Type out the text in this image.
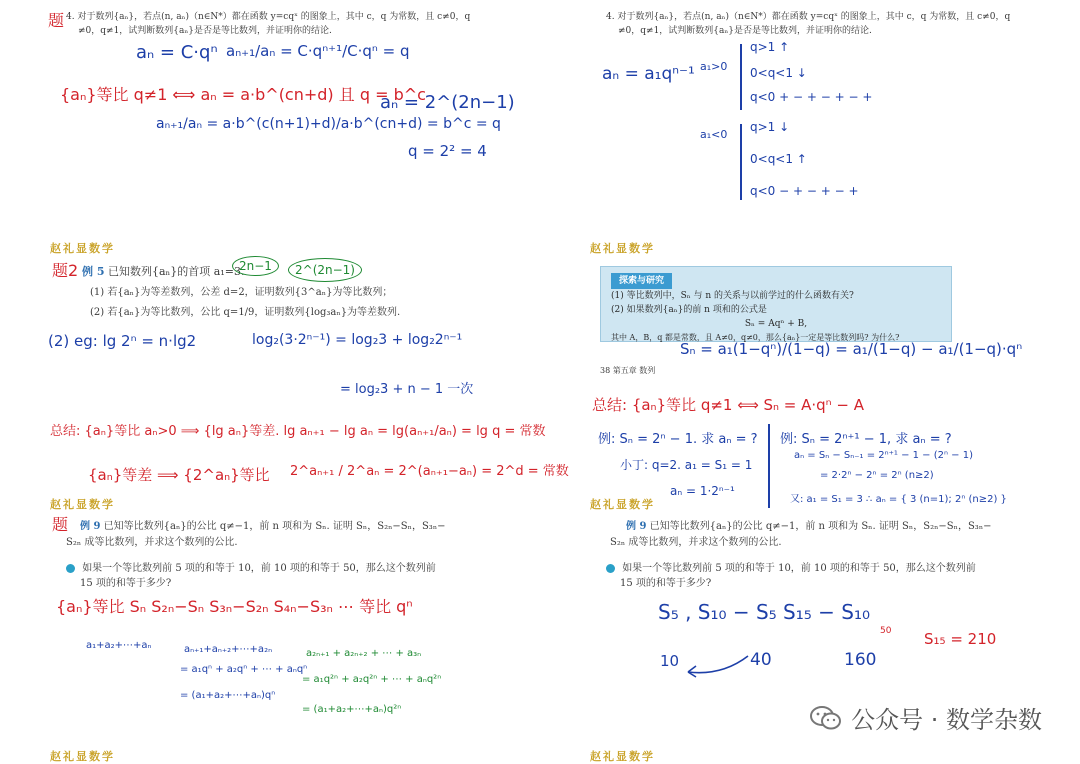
题 4. 对于数列{aₙ}，若点(n, aₙ)（n∈N*）都在函数 y=cqˣ 的图象上，其中 c，q 为常数，且 c≠0，q
≠0，q≠1，试判断数列{aₙ}是否是等比数列，并证明你的结论.
aₙ = C·qⁿ aₙ₊₁/aₙ = C·qⁿ⁺¹/C·qⁿ = q
{aₙ}等比 q≠1 ⟺ aₙ = a·b^(cn+d) 且 q = b^c
aₙ₊₁/aₙ = a·b^(c(n+1)+d)/a·b^(cn+d) = b^c = q
aₙ = 2^(2n−1)
q = 2² = 4
赵礼显数学
题2 例 5 已知数列{aₙ}的首项 a₁=3.
2n−1	2^(2n−1)
(1) 若{aₙ}为等差数列，公差 d=2，证明数列{3^aₙ}为等比数列；
(2) 若{aₙ}为等比数列，公比 q=1/9，证明数列{log₃aₙ}为等差数列.
(2) eg: lg 2ⁿ = n·lg2	log₂(3·2ⁿ⁻¹) = log₂3 + log₂2ⁿ⁻¹
= log₂3 + n − 1 一次
总结: {aₙ}等比 aₙ>0 ⟹ {lg aₙ}等差. lg aₙ₊₁ − lg aₙ = lg(aₙ₊₁/aₙ) = lg q = 常数
{aₙ}等差 ⟹ {2^aₙ}等比 2^aₙ₊₁ / 2^aₙ = 2^(aₙ₊₁−aₙ) = 2^d = 常数
赵礼显数学
题 例 9 已知等比数列{aₙ}的公比 q≠−1，前 n 项和为 Sₙ. 证明 Sₙ，S₂ₙ−Sₙ，S₃ₙ−
S₂ₙ 成等比数列，并求这个数列的公比.
如果一个等比数列前 5 项的和等于 10，前 10 项的和等于 50，那么这个数列前
15 项的和等于多少?
{aₙ}等比 Sₙ S₂ₙ−Sₙ S₃ₙ−S₂ₙ S₄ₙ−S₃ₙ ⋯ 等比 qⁿ
a₁+a₂+⋯+aₙ	aₙ₊₁+aₙ₊₂+⋯+a₂ₙ
= a₁qⁿ + a₂qⁿ + ⋯ + aₙqⁿ
= (a₁+a₂+⋯+aₙ)qⁿ
a₂ₙ₊₁ + a₂ₙ₊₂ + ⋯ + a₃ₙ
= a₁q²ⁿ + a₂q²ⁿ + ⋯ + aₙq²ⁿ
= (a₁+a₂+⋯+aₙ)q²ⁿ
赵礼显数学
4. 对于数列{aₙ}，若点(n, aₙ)（n∈N*）都在函数 y=cqˣ 的图象上，其中 c，q 为常数，且 c≠0，q
≠0，q≠1，试判断数列{aₙ}是否是等比数列，并证明你的结论.
aₙ = a₁qⁿ⁻¹ a₁>0
a₁<0
q>1 ↑
0<q<1 ↓
q<0 + − + − + − +
q>1 ↓
0<q<1 ↑
q<0 − + − + − +
赵礼显数学
探索与研究
(1) 等比数列中，Sₙ 与 n 的关系与以前学过的什么函数有关?
(2) 如果数列{aₙ}的前 n 项和的公式是
Sₙ = Aqⁿ + B,
其中 A，B，q 都是常数，且 A≠0，q≠0，那么{aₙ}一定是等比数列吗? 为什么?
Sₙ = a₁(1−qⁿ)/(1−q) = a₁/(1−q) − a₁/(1−q)·qⁿ
38 第五章 数列
总结: {aₙ}等比 q≠1 ⟺ Sₙ = A·qⁿ − A
例: Sₙ = 2ⁿ − 1. 求 aₙ = ?
小丁: q=2. a₁ = S₁ = 1
aₙ = 1·2ⁿ⁻¹
例: Sₙ = 2ⁿ⁺¹ − 1, 求 aₙ = ?
aₙ = Sₙ − Sₙ₋₁ = 2ⁿ⁺¹ − 1 − (2ⁿ − 1)
= 2·2ⁿ − 2ⁿ = 2ⁿ (n≥2)
又: a₁ = S₁ = 3 ∴ aₙ = { 3 (n=1); 2ⁿ (n≥2) }
赵礼显数学
例 9 已知等比数列{aₙ}的公比 q≠−1，前 n 项和为 Sₙ. 证明 Sₙ，S₂ₙ−Sₙ，S₃ₙ−
S₂ₙ 成等比数列，并求这个数列的公比.
如果一个等比数列前 5 项的和等于 10，前 10 项的和等于 50，那么这个数列前
15 项的和等于多少?
S₅ , S₁₀ − S₅ S₁₅ − S₁₀
50 S₁₅ = 210
10	40	160
赵礼显数学
公众号 · 数学杂数
